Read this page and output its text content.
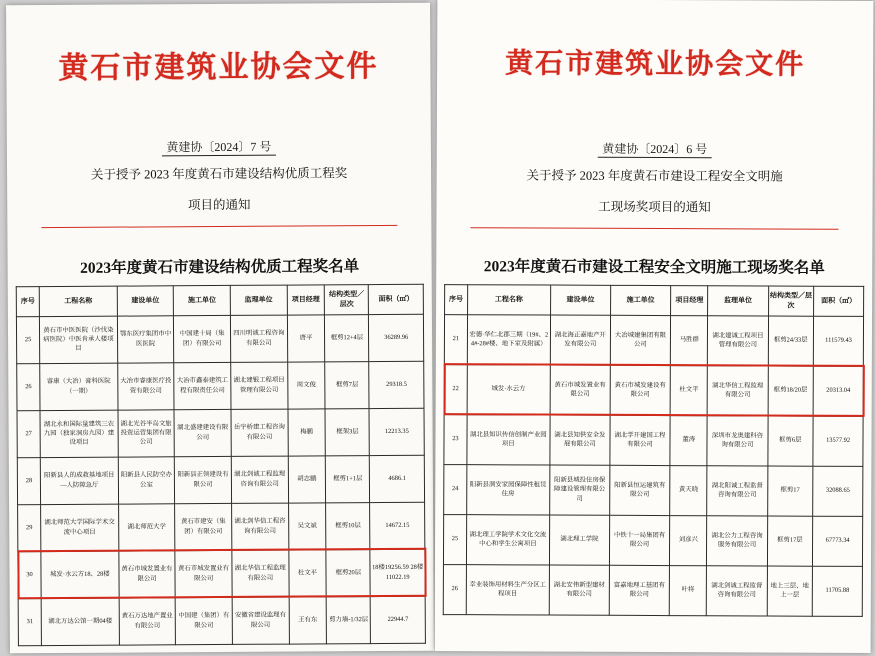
黄石市建筑业协会文件
黄建协〔2024〕7 号
关于授予 2023 年度黄石市建设结构优质工程奖
项目的通知
2023年度黄石市建设结构优质工程奖名单
序号	工程名称	建设单位	施工单位	监理单位	项目经理	结构类型／层次	面积（㎡）
25	黄石市中医医院（沙伐染病医院）中医肯承人楼项目	鄂东医疗集团市中医医院	中国建十局（集团）有限公司	四川明诚工程咨询有限公司	唐平	框剪12+4层	36289.96
26	睿康（大冶）膏科医院（一期）	大冶市睿康医疗投资有限公司	大冶市鑫泰建筑工程有限责任公司	湖北建银工程项目管理有限公司	周文俊	框剪7层	29318.5
27	湖北永和国际量建筑三农九园（独家洞房九园）建设项目	湖北光谷半岛文旅投资运营集团有限公司	湖北盛建建设有限公司	岳宇桥建工程咨询有限公司	梅鹏	框架3层	12213.35
28	阳新县人的成救基地项目—人防隙急厅	阳新县人民防空办公室	阳新县正领建设有限公司	湖北剑诚工程监理咨询有限公司	胡志鹏	框剪1+1层	4686.1
29	湖北师范大学国际学术交流中心项目	湖北师范大学	黄石市建安（集团）有限公司	湖北剑华信工程咨询有限公司	吴文斌	框剪10层	14672.15
30	城发·水云方18、28楼	黄石市城发置业有限公司	黄石市城发置业有限公司	湖北华信工程监理有限公司	杜文平	框剪20层	18楼19256.59 28楼11022.19
31	湖北万达公馆一期04楼	黄石万达地产置业有限公司	中国建（集团）有限公司	安徽省建设监理有限公司	王有东	剪力墙-1/32层	22944.7
黄石市建筑业协会文件
黄建协〔2024〕6 号
关于授予 2023 年度黄石市建设工程安全文明施
工现场奖项目的通知
2023年度黄石市建设工程安全文明施工现场奖名单
序号	工程名称	建设单位	施工单位	项目经理	监理单位	结构类型／层次	面积（㎡）
21	宏德·华仁北郡三期（19#、24#-28#楼、地下室及附属）	湖北海正嘉地产开发有限公司	大冶城建集团有限公司	马胜群	湖北建诚工程项目管理有限公司	框剪24/33层	111579.43
22	城发·水云方	黄石市城发置业有限公司	黄石市城发建设有限公司	杜文平	湖北华信工程监理有限公司	框剪18/20层	20313.04
23	湖北县知识传信创制产业园项目	湖北县知供安全发展有限公司	湖北学开建国工程有限公司	董涛	深圳市龙奥建科咨询有限公司	框剪6层	13577.92
24	阳新县洞安家园保障性租赁住房	阳新县城投住房保障建设管理有限公司	阳新县恒运建筑有限公司	黄天晓	湖北阳诚工程监督咨询有限公司	框剪17	32088.65
25	湖北理工学院学术文化交流中心和学生公寓项目	湖北理工学院	中铁十一局集团有限公司	刘彦兴	湖北公力工程咨询服务有限公司	框剪17层	67773.34
26	幸业装饰用材料生产分区工程项目	湖北安伟新型建材有限公司	富嘉地理工基团有限公司	叶将	湖北剑诚工程监督咨询有限公司	地上三层、地上一层	11705.88
